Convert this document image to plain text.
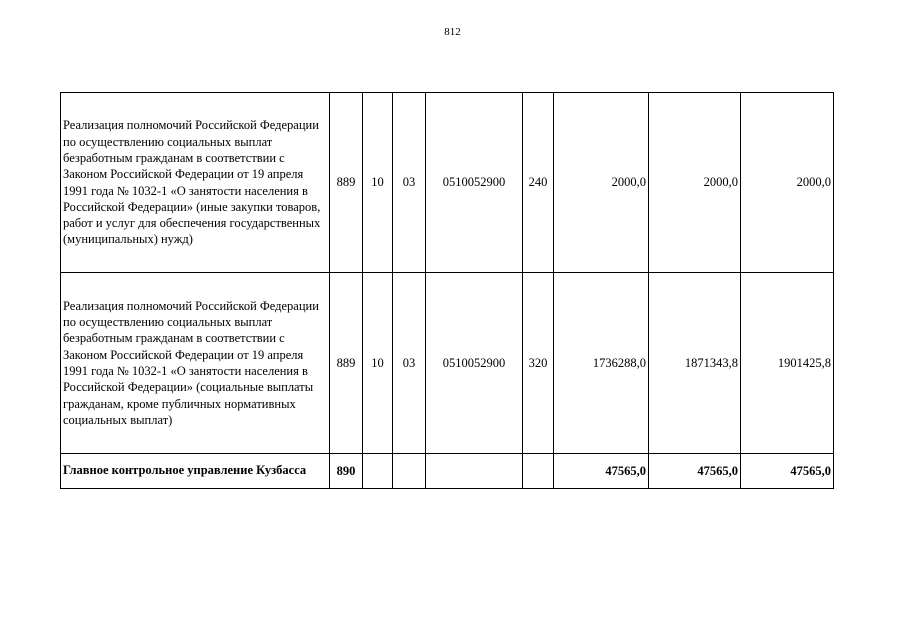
812
Реализация полномочий Российской Федерации по осуществлению социальных выплат безработным гражданам в соответствии с Законом Российской Федерации от 19 апреля 1991 года № 1032-1 «О занятости населения в Российской Федерации» (иные закупки товаров, работ и услуг для обеспечения государственных (муниципальных) нужд)	889	10	03	0510052900	240	2000,0	2000,0	2000,0
Реализация полномочий Российской Федерации по осуществлению социальных выплат безработным гражданам в соответствии с Законом Российской Федерации от 19 апреля 1991 года № 1032-1 «О занятости населения в Российской Федерации» (социальные выплаты гражданам, кроме публичных нормативных социальных выплат)	889	10	03	0510052900	320	1736288,0	1871343,8	1901425,8
Главное контрольное управление Кузбасса	890					47565,0	47565,0	47565,0
